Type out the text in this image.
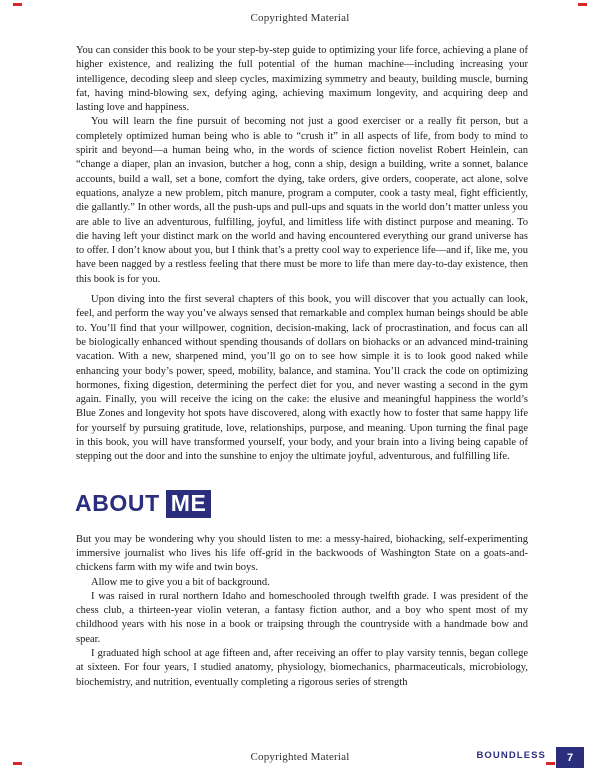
Copyrighted Material

You can consider this book to be your step-by-step guide to optimizing your life force, achieving a plane of higher existence, and realizing the full potential of the human machine—including increasing your intelligence, decoding sleep and sleep cycles, maximizing symmetry and beauty, building muscle, burning fat, having mind-blowing sex, defying aging, achieving maximum longevity, and acquiring deep and lasting love and happiness.

You will learn the fine pursuit of becoming not just a good exerciser or a really fit person, but a completely optimized human being who is able to “crush it” in all aspects of life, from body to mind to spirit and beyond—a human being who, in the words of science fiction novelist Robert Heinlein, can “change a diaper, plan an invasion, butcher a hog, conn a ship, design a building, write a sonnet, balance accounts, build a wall, set a bone, comfort the dying, take orders, give orders, cooperate, act alone, solve equations, analyze a new problem, pitch manure, program a computer, cook a tasty meal, fight efficiently, die gallantly.” In other words, all the push-ups and pull-ups and squats in the world don’t matter unless you are able to live an adventurous, fulfilling, joyful, and limitless life with distinct purpose and meaning. To die having left your distinct mark on the world and having encountered everything our grand universe has to offer. I don’t know about you, but I think that’s a pretty cool way to experience life—and if, like me, you have been nagged by a restless feeling that there must be more to life than mere day-to-day existence, then this book is for you.

Upon diving into the first several chapters of this book, you will discover that you actually can look, feel, and perform the way you’ve always sensed that remarkable and complex human beings should be able to. You’ll find that your willpower, cognition, decision-making, lack of procrastination, and focus can all be biologically enhanced without spending thousands of dollars on biohacks or an advanced mind-training vacation. With a new, sharpened mind, you’ll go on to see how simple it is to look good naked while enhancing your body’s power, speed, mobility, balance, and stamina. You’ll crack the code on optimizing hormones, fixing digestion, determining the perfect diet for you, and never wasting a second in the gym again. Finally, you will receive the icing on the cake: the elusive and meaningful happiness the world’s Blue Zones and longevity hot spots have discovered, along with exactly how to foster that same happy life for yourself by pursuing gratitude, love, relationships, purpose, and meaning. Upon turning the final page in this book, you will have transformed yourself, your body, and your brain into a living being capable of stepping out the door and into the sunshine to enjoy the ultimate joyful, adventurous, and fulfilling life.

ABOUT ME

But you may be wondering why you should listen to me: a messy-haired, biohacking, self-experimenting immersive journalist who lives his life off-grid in the backwoods of Washington State on a goats-and-chickens farm with my wife and twin boys.

Allow me to give you a bit of background.

I was raised in rural northern Idaho and homeschooled through twelfth grade. I was president of the chess club, a thirteen-year violin veteran, a fantasy fiction author, and a boy who spent most of my childhood years with his nose in a book or traipsing through the countryside with a handmade bow and spear.

I graduated high school at age fifteen and, after receiving an offer to play varsity tennis, began college at sixteen. For four years, I studied anatomy, physiology, biomechanics, pharmaceuticals, microbiology, biochemistry, and nutrition, eventually completing a rigorous series of strength

Copyrighted Material	BOUNDLESS 7
